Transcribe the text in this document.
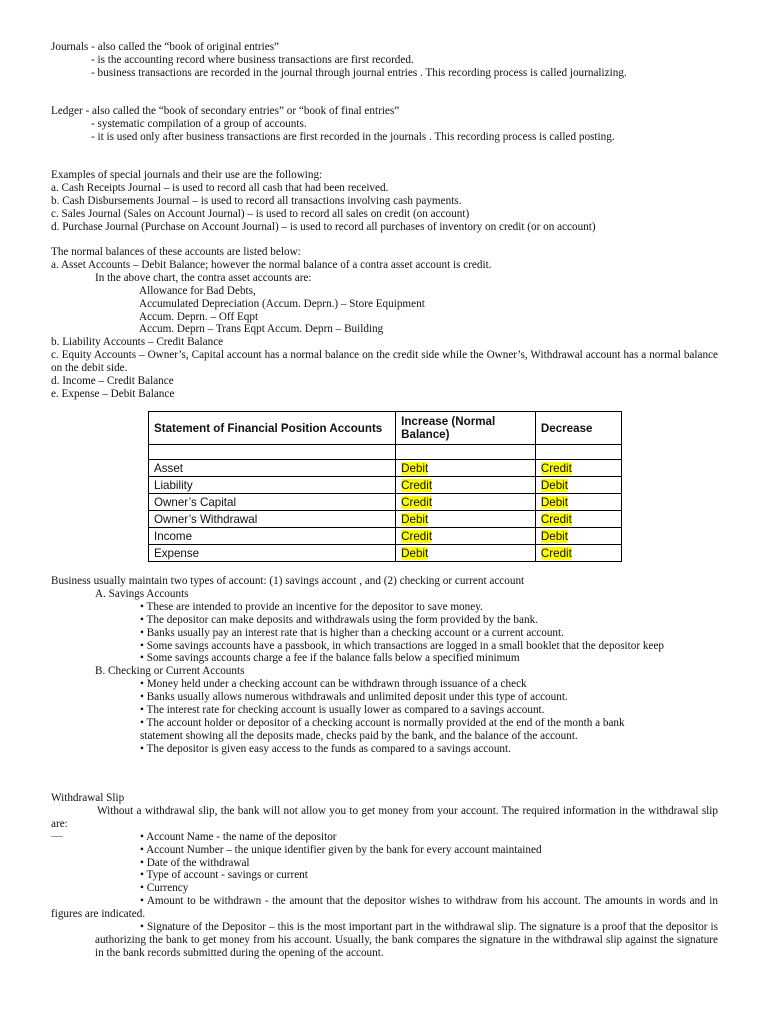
Journals - also called the “book of original entries”

- is the accounting record where business transactions are first recorded.

- business transactions are recorded in the journal through journal entries . This recording process is called journalizing.

Ledger - also called the “book of secondary entries” or “book of final entries”

- systematic compilation of a group of accounts.

- it is used only after business transactions are first recorded in the journals . This recording process is called posting.

Examples of special journals and their use are the following:

a. Cash Receipts Journal – is used to record all cash that had been received.

b. Cash Disbursements Journal – is used to record all transactions involving cash payments.

c. Sales Journal (Sales on Account Journal) – is used to record all sales on credit (on account)

d. Purchase Journal (Purchase on Account Journal) – is used to record all purchases of inventory on credit (or on account)

The normal balances of these accounts are listed below:

a. Asset Accounts – Debit Balance; however the normal balance of a contra asset account is credit.

In the above chart, the contra asset accounts are:

Allowance for Bad Debts,

Accumulated Depreciation (Accum. Deprn.) – Store Equipment

Accum. Deprn. – Off Eqpt

Accum. Deprn – Trans Eqpt Accum. Deprn – Building

b. Liability Accounts – Credit Balance

c. Equity Accounts – Owner’s, Capital account has a normal balance on the credit side while the Owner’s, Withdrawal account has a normal balance on the debit side.

d. Income – Credit Balance

e. Expense – Debit Balance

Statement of Financial Position Accounts	Increase (Normal Balance)	Decrease

Asset	Debit	Credit
Liability	Credit	Debit
Owner’s Capital	Credit	Debit
Owner’s Withdrawal	Debit	Credit
Income	Credit	Debit
Expense	Debit	Credit

Business usually maintain two types of account: (1) savings account , and (2) checking or current account

A. Savings Accounts

• These are intended to provide an incentive for the depositor to save money.

• The depositor can make deposits and withdrawals using the form provided by the bank.

• Banks usually pay an interest rate that is higher than a checking account or a current account.

• Some savings accounts have a passbook, in which transactions are logged in a small booklet that the depositor keep

• Some savings accounts charge a fee if the balance falls below a specified minimum

B. Checking or Current Accounts

• Money held under a checking account can be withdrawn through issuance of a check

• Banks usually allows numerous withdrawals and unlimited deposit under this type of account.

• The interest rate for checking account is usually lower as compared to a savings account.

• The account holder or depositor of a checking account is normally provided at the end of the month a bank statement showing all the deposits made, checks paid by the bank, and the balance of the account.

• The depositor is given easy access to the funds as compared to a savings account.

Withdrawal Slip

Without a withdrawal slip, the bank will not allow you to get money from your account. The required information in the withdrawal slip are:

• Account Name - the name of the depositor

• Account Number – the unique identifier given by the bank for every account maintained

• Date of the withdrawal

• Type of account - savings or current

• Currency

• Amount to be withdrawn - the amount that the depositor wishes to withdraw from his account. The amounts in words and in figures are indicated.

• Signature of the Depositor – this is the most important part in the withdrawal slip. The signature is a proof that the depositor is authorizing the bank to get money from his account. Usually, the bank compares the signature in the withdrawal slip against the signature in the bank records submitted during the opening of the account.
